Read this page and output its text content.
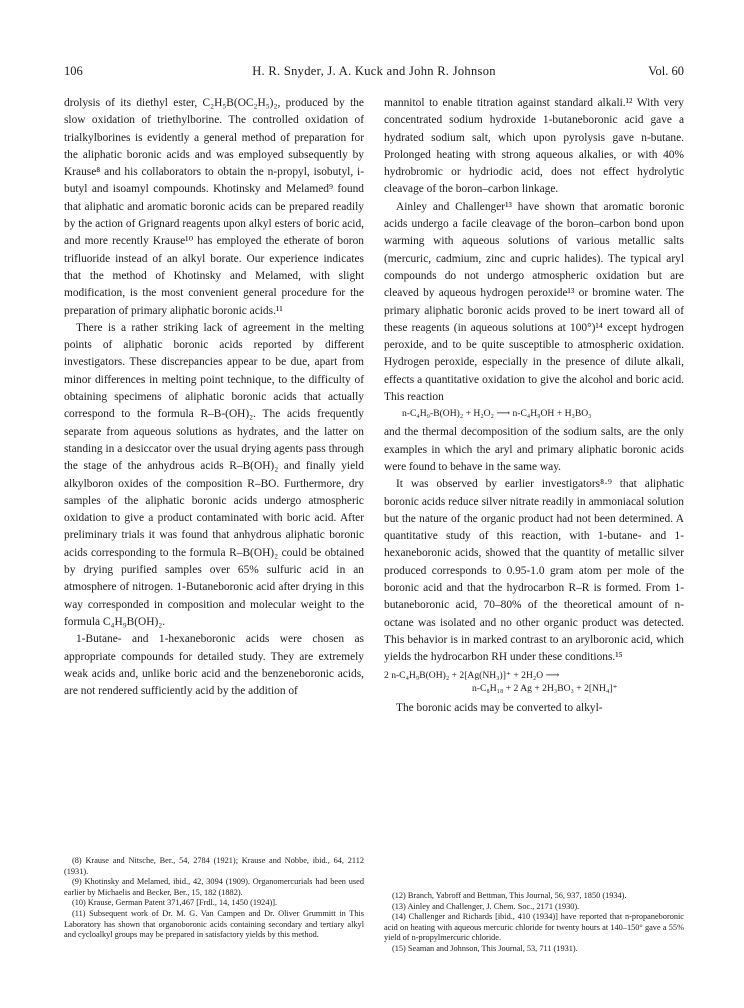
106	H. R. Snyder, J. A. Kuck and John R. Johnson	Vol. 60

drolysis of its diethyl ester, C₂H₅B(OC₂H₅)₂, produced by the slow oxidation of triethylborine. The controlled oxidation of trialkylborines is evidently a general method of preparation for the aliphatic boronic acids and was employed subsequently by Krause⁸ and his collaborators to obtain the n-propyl, isobutyl, i-butyl and isoamyl compounds. Khotinsky and Melamed⁹ found that aliphatic and aromatic boronic acids can be prepared readily by the action of Grignard reagents upon alkyl esters of boric acid, and more recently Krause¹⁰ has employed the etherate of boron trifluoride instead of an alkyl borate. Our experience indicates that the method of Khotinsky and Melamed, with slight modification, is the most convenient general procedure for the preparation of primary aliphatic boronic acids.¹¹

There is a rather striking lack of agreement in the melting points of aliphatic boronic acids reported by different investigators. These discrepancies appear to be due, apart from minor differences in melting point technique, to the difficulty of obtaining specimens of aliphatic boronic acids that actually correspond to the formula R–B-(OH)₂. The acids frequently separate from aqueous solutions as hydrates, and the latter on standing in a desiccator over the usual drying agents pass through the stage of the anhydrous acids R–B(OH)₂ and finally yield alkylboron oxides of the composition R–BO. Furthermore, dry samples of the aliphatic boronic acids undergo atmospheric oxidation to give a product contaminated with boric acid. After preliminary trials it was found that anhydrous aliphatic boronic acids corresponding to the formula R–B(OH)₂ could be obtained by drying purified samples over 65% sulfuric acid in an atmosphere of nitrogen. 1-Butaneboronic acid after drying in this way corresponded in composition and molecular weight to the formula C₄H₉B(OH)₂.

1-Butane- and 1-hexaneboronic acids were chosen as appropriate compounds for detailed study. They are extremely weak acids and, unlike boric acid and the benzeneboronic acids, are not rendered sufficiently acid by the addition of

(8) Krause and Nitsche, Ber., 54, 2784 (1921); Krause and Nobbe, ibid., 64, 2112 (1931).

(9) Khotinsky and Melamed, ibid., 42, 3094 (1909). Organomercurials had been used earlier by Michaelis and Becker, Ber., 15, 182 (1882).

(10) Krause, German Patent 371,467 [Frdl., 14, 1450 (1924)].

(11) Subsequent work of Dr. M. G. Van Campen and Dr. Oliver Grummitt in This Laboratory has shown that organoboronic acids containing secondary and tertiary alkyl and cycloalkyl groups may be prepared in satisfactory yields by this method.

mannitol to enable titration against standard alkali.¹² With very concentrated sodium hydroxide 1-butaneboronic acid gave a hydrated sodium salt, which upon pyrolysis gave n-butane. Prolonged heating with strong aqueous alkalies, or with 40% hydrobromic or hydriodic acid, does not effect hydrolytic cleavage of the boron–carbon linkage.

Ainley and Challenger¹³ have shown that aromatic boronic acids undergo a facile cleavage of the boron–carbon bond upon warming with aqueous solutions of various metallic salts (mercuric, cadmium, zinc and cupric halides). The typical aryl compounds do not undergo atmospheric oxidation but are cleaved by aqueous hydrogen peroxide¹³ or bromine water. The primary aliphatic boronic acids proved to be inert toward all of these reagents (in aqueous solutions at 100°)¹⁴ except hydrogen peroxide, and to be quite susceptible to atmospheric oxidation. Hydrogen peroxide, especially in the presence of dilute alkali, effects a quantitative oxidation to give the alcohol and boric acid. This reaction

n-C₄H₉-B(OH)₂ + H₂O₂ ⟶ n-C₄H₉OH + H₃BO₃

and the thermal decomposition of the sodium salts, are the only examples in which the aryl and primary aliphatic boronic acids were found to behave in the same way.

It was observed by earlier investigators⁸·⁹ that aliphatic boronic acids reduce silver nitrate readily in ammoniacal solution but the nature of the organic product had not been determined. A quantitative study of this reaction, with 1-butane- and 1-hexaneboronic acids, showed that the quantity of metallic silver produced corresponds to 0.95-1.0 gram atom per mole of the boronic acid and that the hydrocarbon R–R is formed. From 1-butaneboronic acid, 70–80% of the theoretical amount of n-octane was isolated and no other organic product was detected. This behavior is in marked contrast to an arylboronic acid, which yields the hydrocarbon RH under these conditions.¹⁵

2 n-C₄H₉B(OH)₂ + 2[Ag(NH₃)]⁺ + 2H₂O ⟶
n-C₈H₁₈ + 2 Ag + 2H₃BO₃ + 2[NH₄]⁺

The boronic acids may be converted to alkyl-

(12) Branch, Yabroff and Bettman, This Journal, 56, 937, 1850 (1934).

(13) Ainley and Challenger, J. Chem. Soc., 2171 (1930).

(14) Challenger and Richards [ibid., 410 (1934)] have reported that n-propaneboronic acid on heating with aqueous mercuric chloride for twenty hours at 140–150° gave a 55% yield of n-propylmercuric chloride.

(15) Seaman and Johnson, This Journal, 53, 711 (1931).
